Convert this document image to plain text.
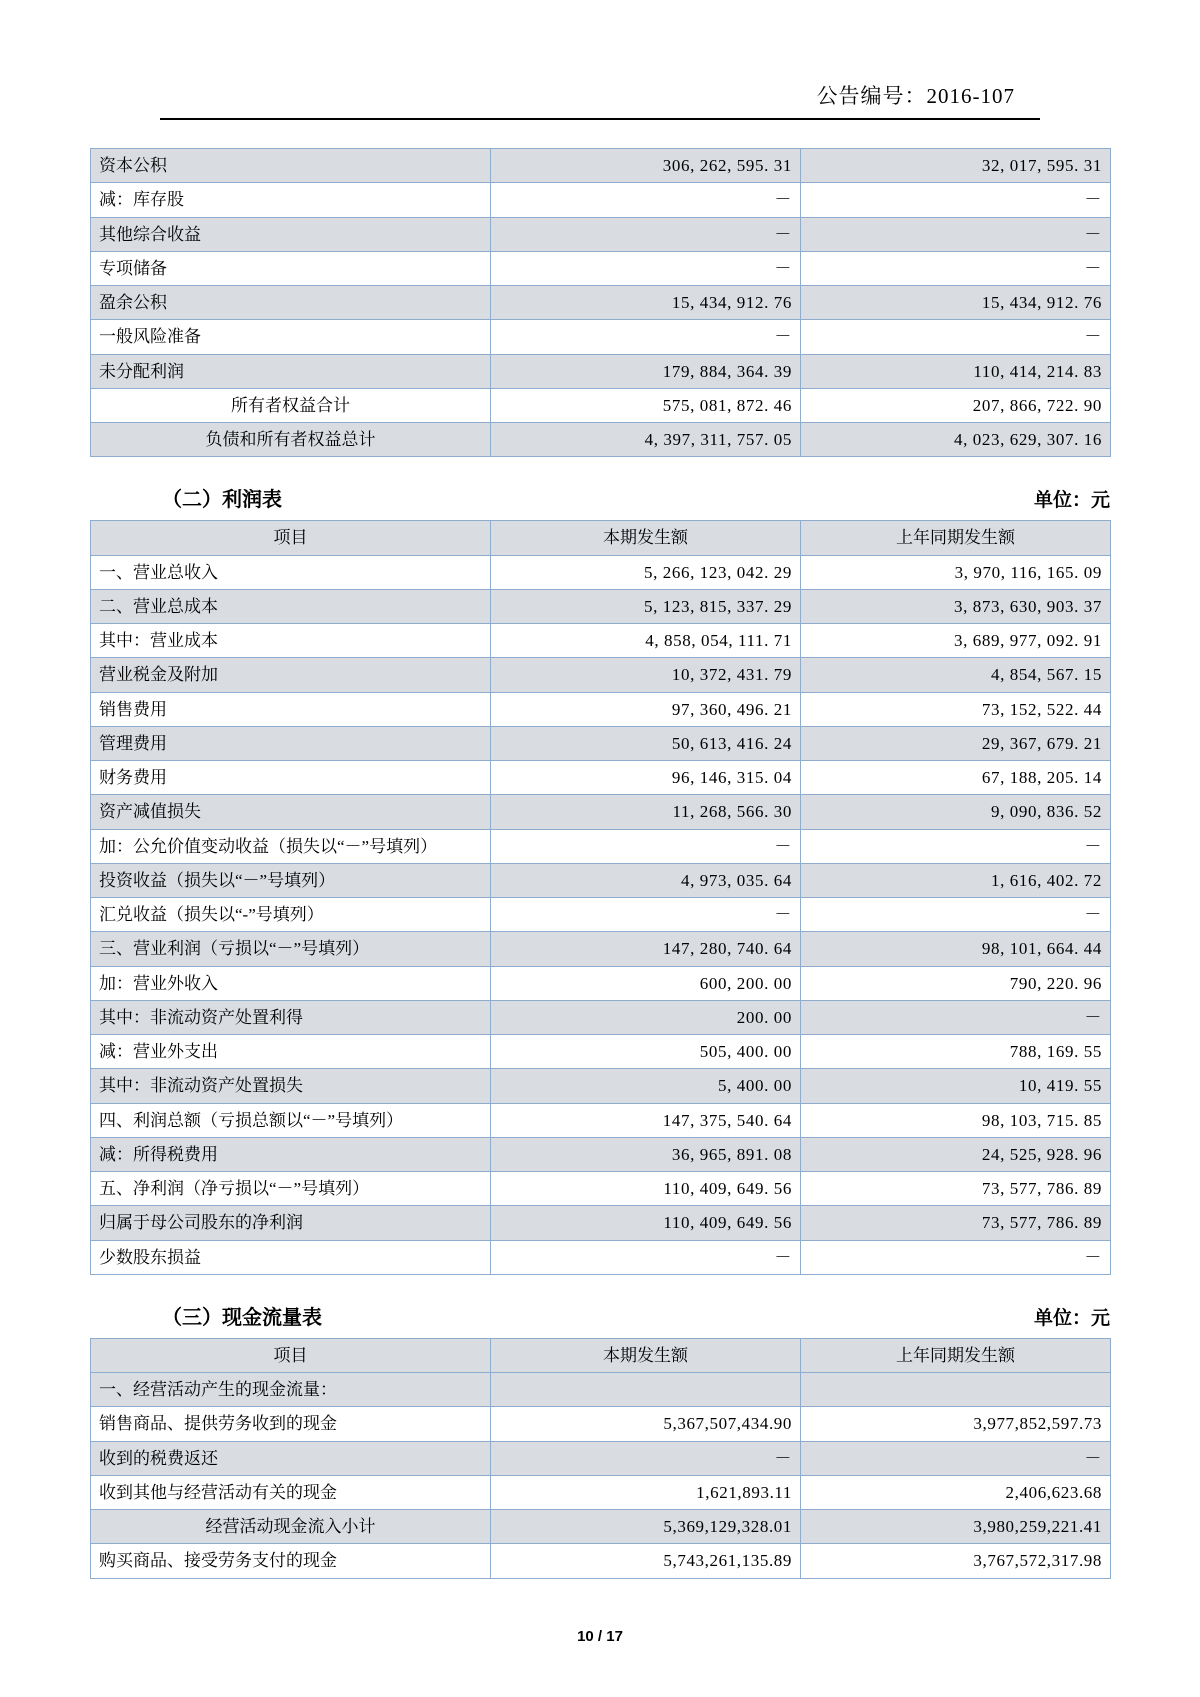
公告编号：2016-107
资本公积	306, 262, 595. 31	32, 017, 595. 31
减：库存股	－	－
其他综合收益	－	－
专项储备	－	－
盈余公积	15, 434, 912. 76	15, 434, 912. 76
一般风险准备	－	－
未分配利润	179, 884, 364. 39	110, 414, 214. 83
所有者权益合计	575, 081, 872. 46	207, 866, 722. 90
负债和所有者权益总计	4, 397, 311, 757. 05	4, 023, 629, 307. 16
（二）利润表	单位：元
项目	本期发生额	上年同期发生额
一、营业总收入	5, 266, 123, 042. 29	3, 970, 116, 165. 09
二、营业总成本	5, 123, 815, 337. 29	3, 873, 630, 903. 37
其中：营业成本	4, 858, 054, 111. 71	3, 689, 977, 092. 91
营业税金及附加	10, 372, 431. 79	4, 854, 567. 15
销售费用	97, 360, 496. 21	73, 152, 522. 44
管理费用	50, 613, 416. 24	29, 367, 679. 21
财务费用	96, 146, 315. 04	67, 188, 205. 14
资产减值损失	11, 268, 566. 30	9, 090, 836. 52
加：公允价值变动收益（损失以“－”号填列）	－	－
投资收益（损失以“－”号填列）	4, 973, 035. 64	1, 616, 402. 72
汇兑收益（损失以“-”号填列）	－	－
三、营业利润（亏损以“－”号填列）	147, 280, 740. 64	98, 101, 664. 44
加：营业外收入	600, 200. 00	790, 220. 96
其中：非流动资产处置利得	200. 00	－
减：营业外支出	505, 400. 00	788, 169. 55
其中：非流动资产处置损失	5, 400. 00	10, 419. 55
四、利润总额（亏损总额以“－”号填列）	147, 375, 540. 64	98, 103, 715. 85
减：所得税费用	36, 965, 891. 08	24, 525, 928. 96
五、净利润（净亏损以“－”号填列）	110, 409, 649. 56	73, 577, 786. 89
归属于母公司股东的净利润	110, 409, 649. 56	73, 577, 786. 89
少数股东损益	－	－
（三）现金流量表	单位：元
项目	本期发生额	上年同期发生额
一、经营活动产生的现金流量：		
销售商品、提供劳务收到的现金	5,367,507,434.90	3,977,852,597.73
收到的税费返还	－	－
收到其他与经营活动有关的现金	1,621,893.11	2,406,623.68
经营活动现金流入小计	5,369,129,328.01	3,980,259,221.41
购买商品、接受劳务支付的现金	5,743,261,135.89	3,767,572,317.98
10 / 17
